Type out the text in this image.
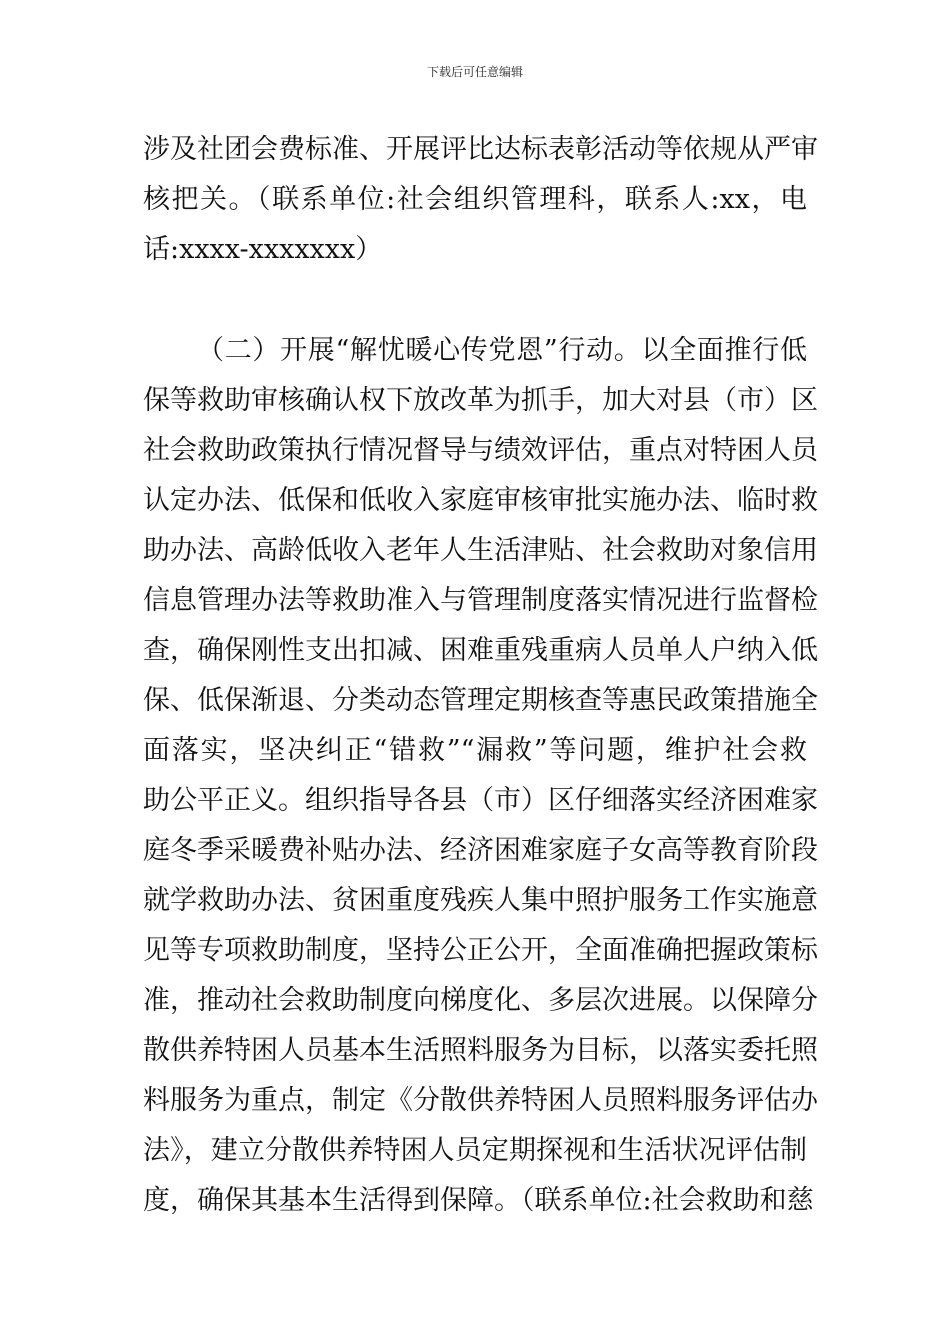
下载后可任意编辑
涉及社团会费标准、开展评比达标表彰活动等依规从严审
核把关。（联系单位:社会组织管理科，联系人:xx，电
话:xxxx-xxxxxxx）
（二）开展“解忧暖心传党恩”行动。以全面推行低
保等救助审核确认权下放改革为抓手，加大对县（市）区
社会救助政策执行情况督导与绩效评估，重点对特困人员
认定办法、低保和低收入家庭审核审批实施办法、临时救
助办法、高龄低收入老年人生活津贴、社会救助对象信用
信息管理办法等救助准入与管理制度落实情况进行监督检
查，确保刚性支出扣减、困难重残重病人员单人户纳入低
保、低保渐退、分类动态管理定期核查等惠民政策措施全
面落实，坚决纠正“错救”“漏救”等问题，维护社会救
助公平正义。组织指导各县（市）区仔细落实经济困难家
庭冬季采暖费补贴办法、经济困难家庭子女高等教育阶段
就学救助办法、贫困重度残疾人集中照护服务工作实施意
见等专项救助制度，坚持公正公开，全面准确把握政策标
准，推动社会救助制度向梯度化、多层次进展。以保障分
散供养特困人员基本生活照料服务为目标，以落实委托照
料服务为重点，制定《分散供养特困人员照料服务评估办
法》，建立分散供养特困人员定期探视和生活状况评估制
度，确保其基本生活得到保障。（联系单位:社会救助和慈
